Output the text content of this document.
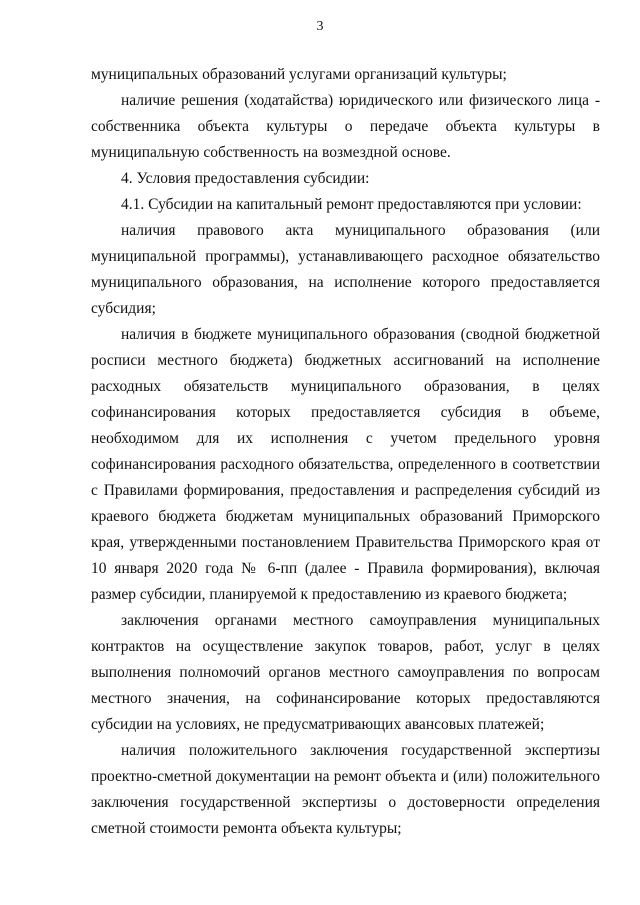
3

муниципальных образований услугами организаций культуры;

наличие решения (ходатайства) юридического или физического лица - собственника объекта культуры о передаче объекта культуры в муниципальную собственность на возмездной основе.

4. Условия предоставления субсидии:

4.1. Субсидии на капитальный ремонт предоставляются при условии:

наличия правового акта муниципального образования (или муниципальной программы), устанавливающего расходное обязательство муниципального образования, на исполнение которого предоставляется субсидия;

наличия в бюджете муниципального образования (сводной бюджетной росписи местного бюджета) бюджетных ассигнований на исполнение расходных обязательств муниципального образования, в целях софинансирования которых предоставляется субсидия в объеме, необходимом для их исполнения с учетом предельного уровня софинансирования расходного обязательства, определенного в соответствии с Правилами формирования, предоставления и распределения субсидий из краевого бюджета бюджетам муниципальных образований Приморского края, утвержденными постановлением Правительства Приморского края от 10 января 2020 года № 6-пп (далее - Правила формирования), включая размер субсидии, планируемой к предоставлению из краевого бюджета;

заключения органами местного самоуправления муниципальных контрактов на осуществление закупок товаров, работ, услуг в целях выполнения полномочий органов местного самоуправления по вопросам местного значения, на софинансирование которых предоставляются субсидии на условиях, не предусматривающих авансовых платежей;

наличия положительного заключения государственной экспертизы проектно-сметной документации на ремонт объекта и (или) положительного заключения государственной экспертизы о достоверности определения сметной стоимости ремонта объекта культуры;
